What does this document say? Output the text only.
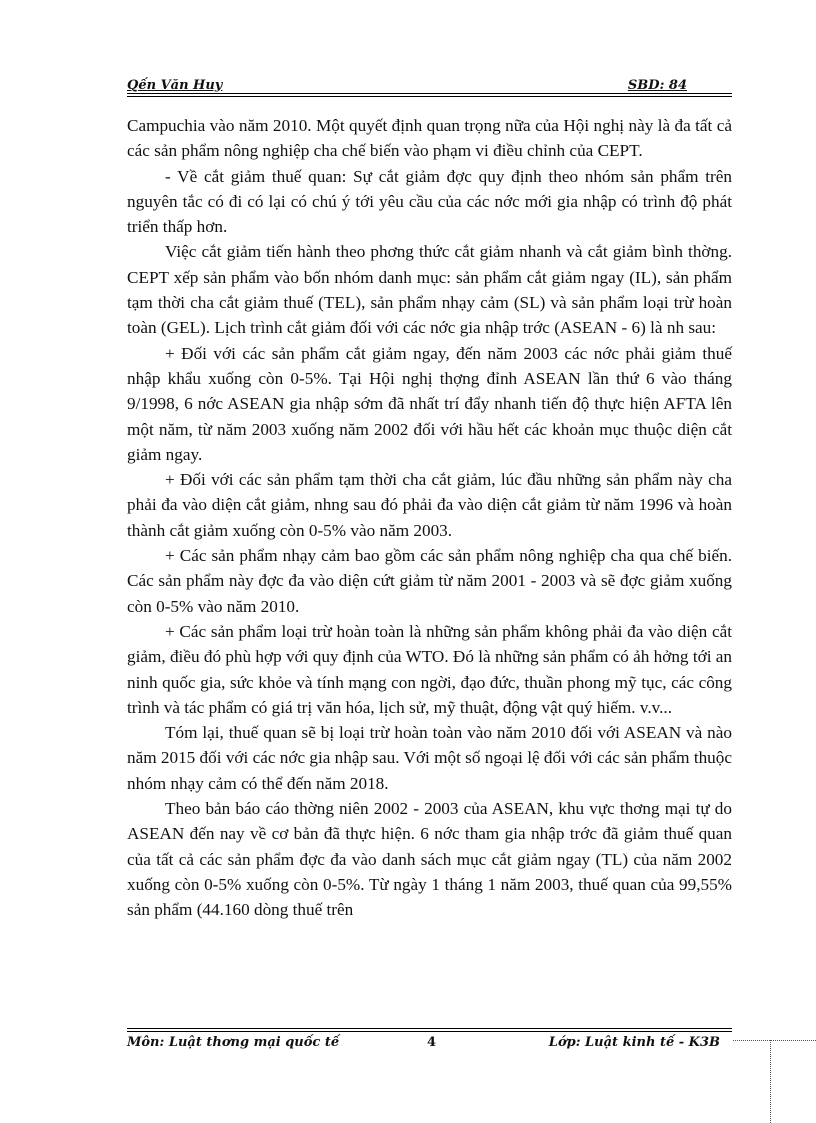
Qến Văn Huy	SBD: 84

Campuchia vào năm 2010. Một quyết định quan trọng nữa của Hội nghị này là đa tất cả các sản phẩm nông nghiệp cha chế biến vào phạm vi điều chỉnh của CEPT.

- Về cắt giảm thuế quan: Sự cắt giảm đợc quy định theo nhóm sản phẩm trên nguyên tắc có đi có lại có chú ý tới yêu cầu của các nớc mới gia nhập có trình độ phát triển thấp hơn.

Việc cắt giảm tiến hành theo phơng thức cắt giảm nhanh và cắt giảm bình thờng. CEPT xếp sản phẩm vào bốn nhóm danh mục: sản phẩm cắt giảm ngay (IL), sản phẩm tạm thời cha cắt giảm thuế (TEL), sản phẩm nhạy cảm (SL) và sản phẩm loại trừ hoàn toàn (GEL). Lịch trình cắt giảm đối với các nớc gia nhập trớc (ASEAN - 6) là nh sau:

+ Đối với các sản phẩm cắt giảm ngay, đến năm 2003 các nớc phải giảm thuế nhập khẩu xuống còn 0-5%. Tại Hội nghị thợng đỉnh ASEAN lần thứ 6 vào tháng 9/1998, 6 nớc ASEAN gia nhập sớm đã nhất trí đẩy nhanh tiến độ thực hiện AFTA lên một năm, từ năm 2003 xuống năm 2002 đối với hầu hết các khoản mục thuộc diện cắt giảm ngay.

+ Đối với các sản phẩm tạm thời cha cắt giảm, lúc đầu những sản phẩm này cha phải đa vào diện cắt giảm, nhng sau đó phải đa vào diện cắt giảm từ năm 1996 và hoàn thành cắt giảm xuống còn 0-5% vào năm 2003.

+ Các sản phẩm nhạy cảm bao gồm các sản phẩm nông nghiệp cha qua chế biến. Các sản phẩm này đợc đa vào diện cứt giảm từ năm 2001 - 2003 và sẽ đợc giảm xuống còn 0-5% vào năm 2010.

+ Các sản phẩm loại trừ hoàn toàn là những sản phẩm không phải đa vào diện cắt giảm, điều đó phù hợp với quy định của WTO. Đó là những sản phẩm có ảh hởng tới an ninh quốc gia, sức khỏe và tính mạng con ngời, đạo đức, thuần phong mỹ tục, các công trình và tác phẩm có giá trị văn hóa, lịch sử, mỹ thuật, động vật quý hiếm. v.v...

Tóm lại, thuế quan sẽ bị loại trừ hoàn toàn vào năm 2010 đối với ASEAN và nào năm 2015 đối với các nớc gia nhập sau. Với một số ngoại lệ đối với các sản phẩm thuộc nhóm nhạy cảm có thể đến năm 2018.

Theo bản báo cáo thờng niên 2002 - 2003 của ASEAN, khu vực thơng mại tự do ASEAN đến nay về cơ bản đã thực hiện. 6 nớc tham gia nhập trớc đã giảm thuế quan của tất cả các sản phẩm đợc đa vào danh sách mục cắt giảm ngay (TL) của năm 2002 xuống còn 0-5% xuống còn 0-5%. Từ ngày 1 tháng 1 năm 2003, thuế quan của 99,55% sản phẩm (44.160 dòng thuế trên

Môn: Luật thơng mại quốc tế	4	Lớp: Luật kinh tế - K3B
